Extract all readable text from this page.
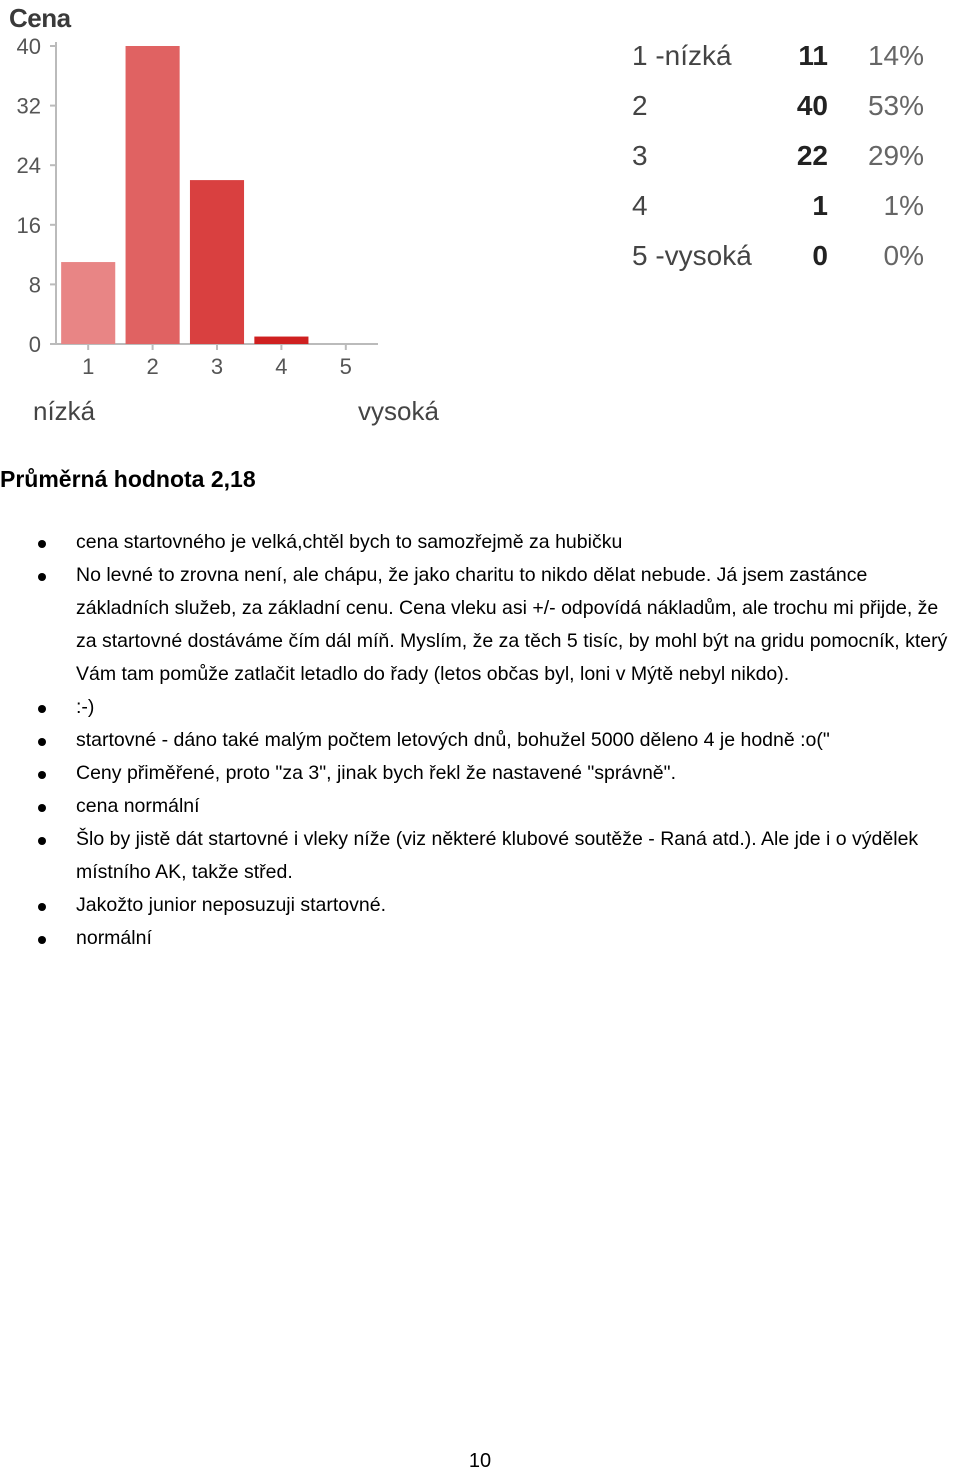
Cena
0
8
16
24
32
40
1 2 3 4 5
nízká	vysoká
1 -nízká 11 14%
2	40 53%
3	22 29%
4	1 1%
5 -vysoká 0 0%
Průměrná hodnota 2,18
cena startovného je velká,chtěl bych to samozřejmě za hubičku
No levné to zrovna není, ale chápu, že jako charitu to nikdo dělat nebude. Já jsem zastánce základních služeb, za základní cenu. Cena vleku asi +/- odpovídá nákladům, ale trochu mi přijde, že za startovné dostáváme čím dál míň. Myslím, že za těch 5 tisíc, by mohl být na gridu pomocník, který Vám tam pomůže zatlačit letadlo do řady (letos občas byl, loni v Mýtě nebyl nikdo).
:-)
startovné - dáno také malým počtem letových dnů, bohužel 5000 děleno 4 je hodně :o("
Ceny přiměřené, proto "za 3", jinak bych řekl že nastavené "správně".
cena normální
Šlo by jistě dát startovné i vleky níže (viz některé klubové soutěže - Raná atd.). Ale jde i o výdělek místního AK, takže střed.
Jakožto junior neposuzuji startovné.
normální
10
